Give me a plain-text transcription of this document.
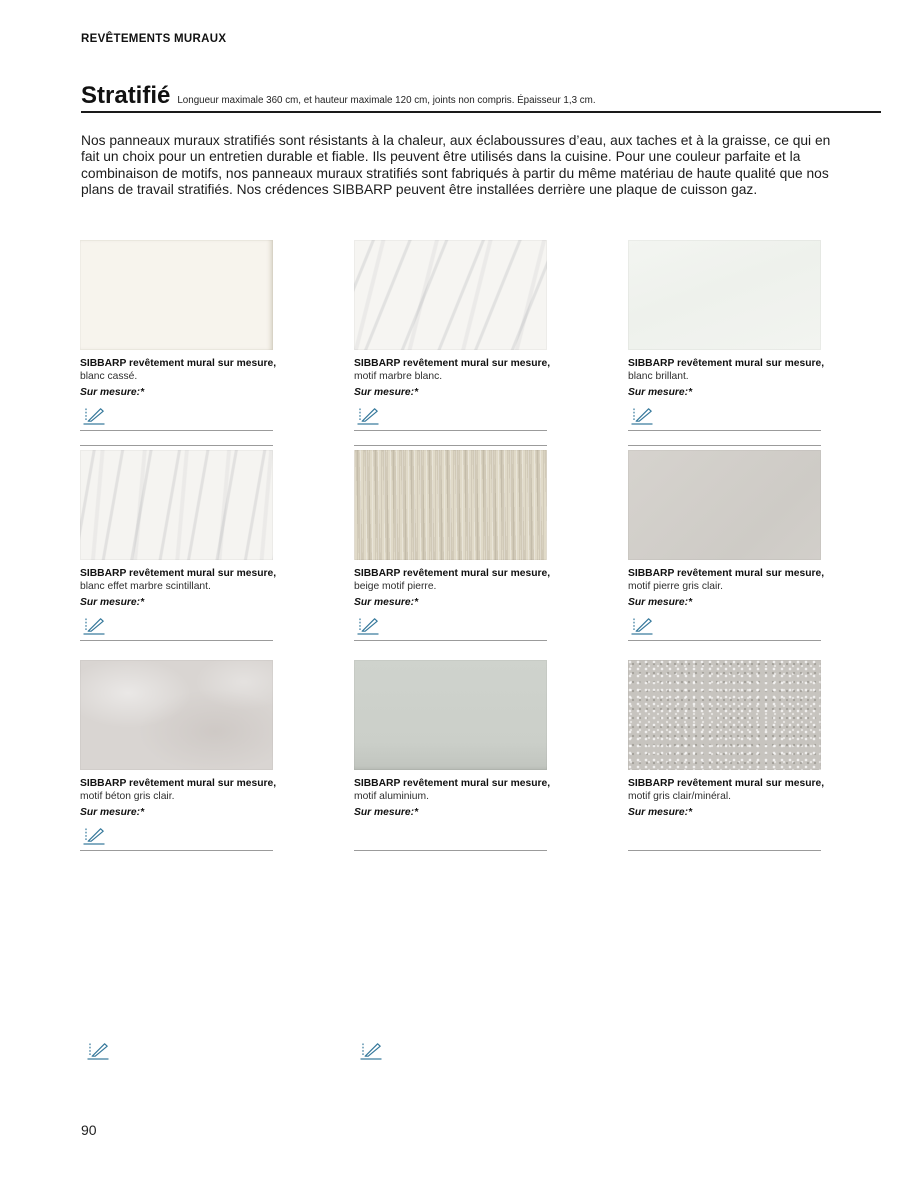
REVÊTEMENTS MURAUX
Stratifié Longueur maximale 360 cm, et hauteur maximale 120 cm, joints non compris. Épaisseur 1,3 cm.

Nos panneaux muraux stratifiés sont résistants à la chaleur, aux éclaboussures d’eau, aux taches et à la graisse, ce qui en fait un choix pour un entretien durable et fiable. Ils peuvent être utilisés dans la cuisine. Pour une couleur parfaite et la combinaison de motifs, nos panneaux muraux stratifiés sont fabriqués à partir du même matériau de haute qualité que nos plans de travail stratifiés. Nos crédences SIBBARP peuvent être installées derrière une plaque de cuisson gaz.

SIBBARP revêtement mural sur mesure,
blanc cassé.
Sur mesure:*
SIBBARP revêtement mural sur mesure,
motif marbre blanc.
Sur mesure:*
SIBBARP revêtement mural sur mesure,
blanc brillant.
Sur mesure:*
SIBBARP revêtement mural sur mesure,
blanc effet marbre scintillant.
Sur mesure:*
SIBBARP revêtement mural sur mesure,
beige motif pierre.
Sur mesure:*
SIBBARP revêtement mural sur mesure,
motif pierre gris clair.
Sur mesure:*
SIBBARP revêtement mural sur mesure,
motif béton gris clair.
Sur mesure:*
SIBBARP revêtement mural sur mesure,
motif aluminium.
Sur mesure:*
SIBBARP revêtement mural sur mesure,
motif gris clair/minéral.
Sur mesure:*
90
